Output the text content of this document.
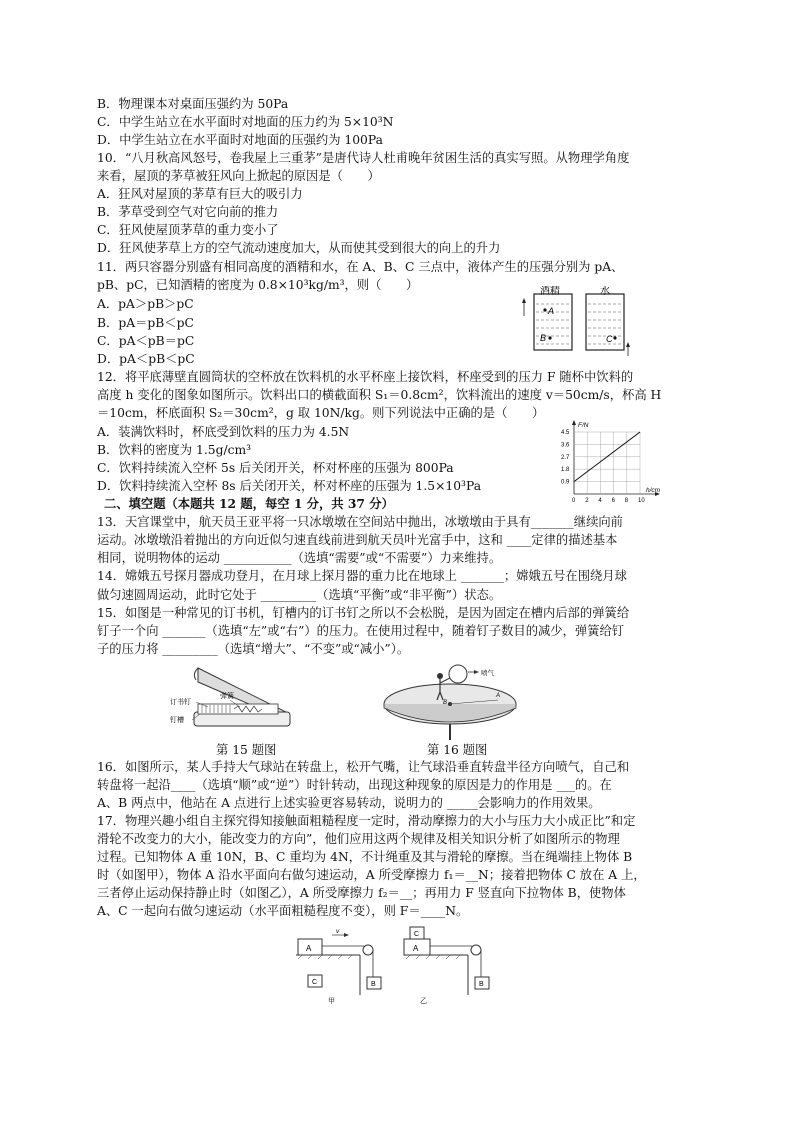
B．物理课本对桌面压强约为 50Pa
C．中学生站立在水平面时对地面的压力约为 5×10³N
D．中学生站立在水平面时对地面的压强约为 100Pa
10．“八月秋高风怒号，卷我屋上三重茅”是唐代诗人杜甫晚年贫困生活的真实写照。从物理学角度
来看，屋顶的茅草被狂风向上掀起的原因是（　　）
A．狂风对屋顶的茅草有巨大的吸引力
B．茅草受到空气对它向前的推力
C．狂风使屋顶茅草的重力变小了
D．狂风使茅草上方的空气流动速度加大，从而使其受到很大的向上的升力
11．两只容器分别盛有相同高度的酒精和水，在 A、B、C 三点中，液体产生的压强分别为 pA、
pB、pC，已知酒精的密度为 0.8×10³kg/m³，则（　　）
A．pA＞pB＞pC
B．pA＝pB＜pC
C．pA＜pB＝pC
D．pA＜pB＜pC
12．将平底薄壁直圆筒状的空杯放在饮料机的水平杯座上接饮料，杯座受到的压力 F 随杯中饮料的
高度 h 变化的图象如图所示。饮料出口的横截面积 S₁＝0.8cm²，饮料流出的速度 v＝50cm/s，杯高 H
＝10cm，杯底面积 S₂＝30cm²，g 取 10N/kg。则下列说法中正确的是（　　）
A．装满饮料时，杯底受到饮料的压力为 4.5N
B．饮料的密度为 1.5g/cm³
C．饮料持续流入空杯 5s 后关闭开关，杯对杯座的压强为 800Pa
D．饮料持续流入空杯 8s 后关闭开关，杯对杯座的压强为 1.5×10³Pa
二、填空题（本题共 12 题，每空 1 分，共 37 分）
13．天宫课堂中，航天员王亚平将一只冰墩墩在空间站中抛出，冰墩墩由于具有_______继续向前
运动。冰墩墩沿着抛出的方向近似匀速直线前进到航天员叶光富手中，这和 ____定律的描述基本
相同，说明物体的运动 ___________（选填“需要”或“不需要”）力来维持。
14．嫦娥五号探月器成功登月，在月球上探月器的重力比在地球上 _______；嫦娥五号在围绕月球
做匀速圆周运动，此时它处于 _________（选填“平衡”或“非平衡”）状态。
15．如图是一种常见的订书机，钉槽内的订书钉之所以不会松脱，是因为固定在槽内后部的弹簧给
钉子一个向 _______（选填“左”或“右”）的压力。在使用过程中，随着钉子数目的减少，弹簧给钉
子的压力将 _________（选填“增大”、“不变”或“减小”）。
16．如图所示，某人手持大气球站在转盘上，松开气嘴，让气球沿垂直转盘半径方向喷气，自己和
转盘将一起沿____（选填“顺”或“逆”）时针转动，出现这种现象的原因是力的作用是 ___的。在
A、B 两点中，他站在 A 点进行上述实验更容易转动，说明力的 _____会影响力的作用效果。
17．物理兴趣小组自主探究得知接触面粗糙程度一定时，滑动摩擦力的大小与压力大小成正比”和定
滑轮不改变力的大小，能改变力的方向”，他们应用这两个规律及相关知识分析了如图所示的物理
过程。已知物体 A 重 10N，B、C 重均为 4N，不计绳重及其与滑轮的摩擦。当在绳端挂上物体 B
时（如图甲），物体 A 沿水平面向右做匀速运动，A 所受摩擦力 f₁＝__N；接着把物体 C 放在 A 上，
三者停止运动保持静止时（如图乙），A 所受摩擦力 f₂＝__；再用力 F 竖直向下拉物体 B，使物体
A、C 一起向右做匀速运动（水平面粗糙程度不变），则 F＝____N。
酒精
A
B
水
C
F/N
h/cm
0.9
1.8
2.7
3.6
4.5
0 2 4 6 8 10
订书钉
弹簧
钉槽
第 15 题图
喷气
B
A
第 16 题图
A
v
B
C
甲
A
C
B
乙
